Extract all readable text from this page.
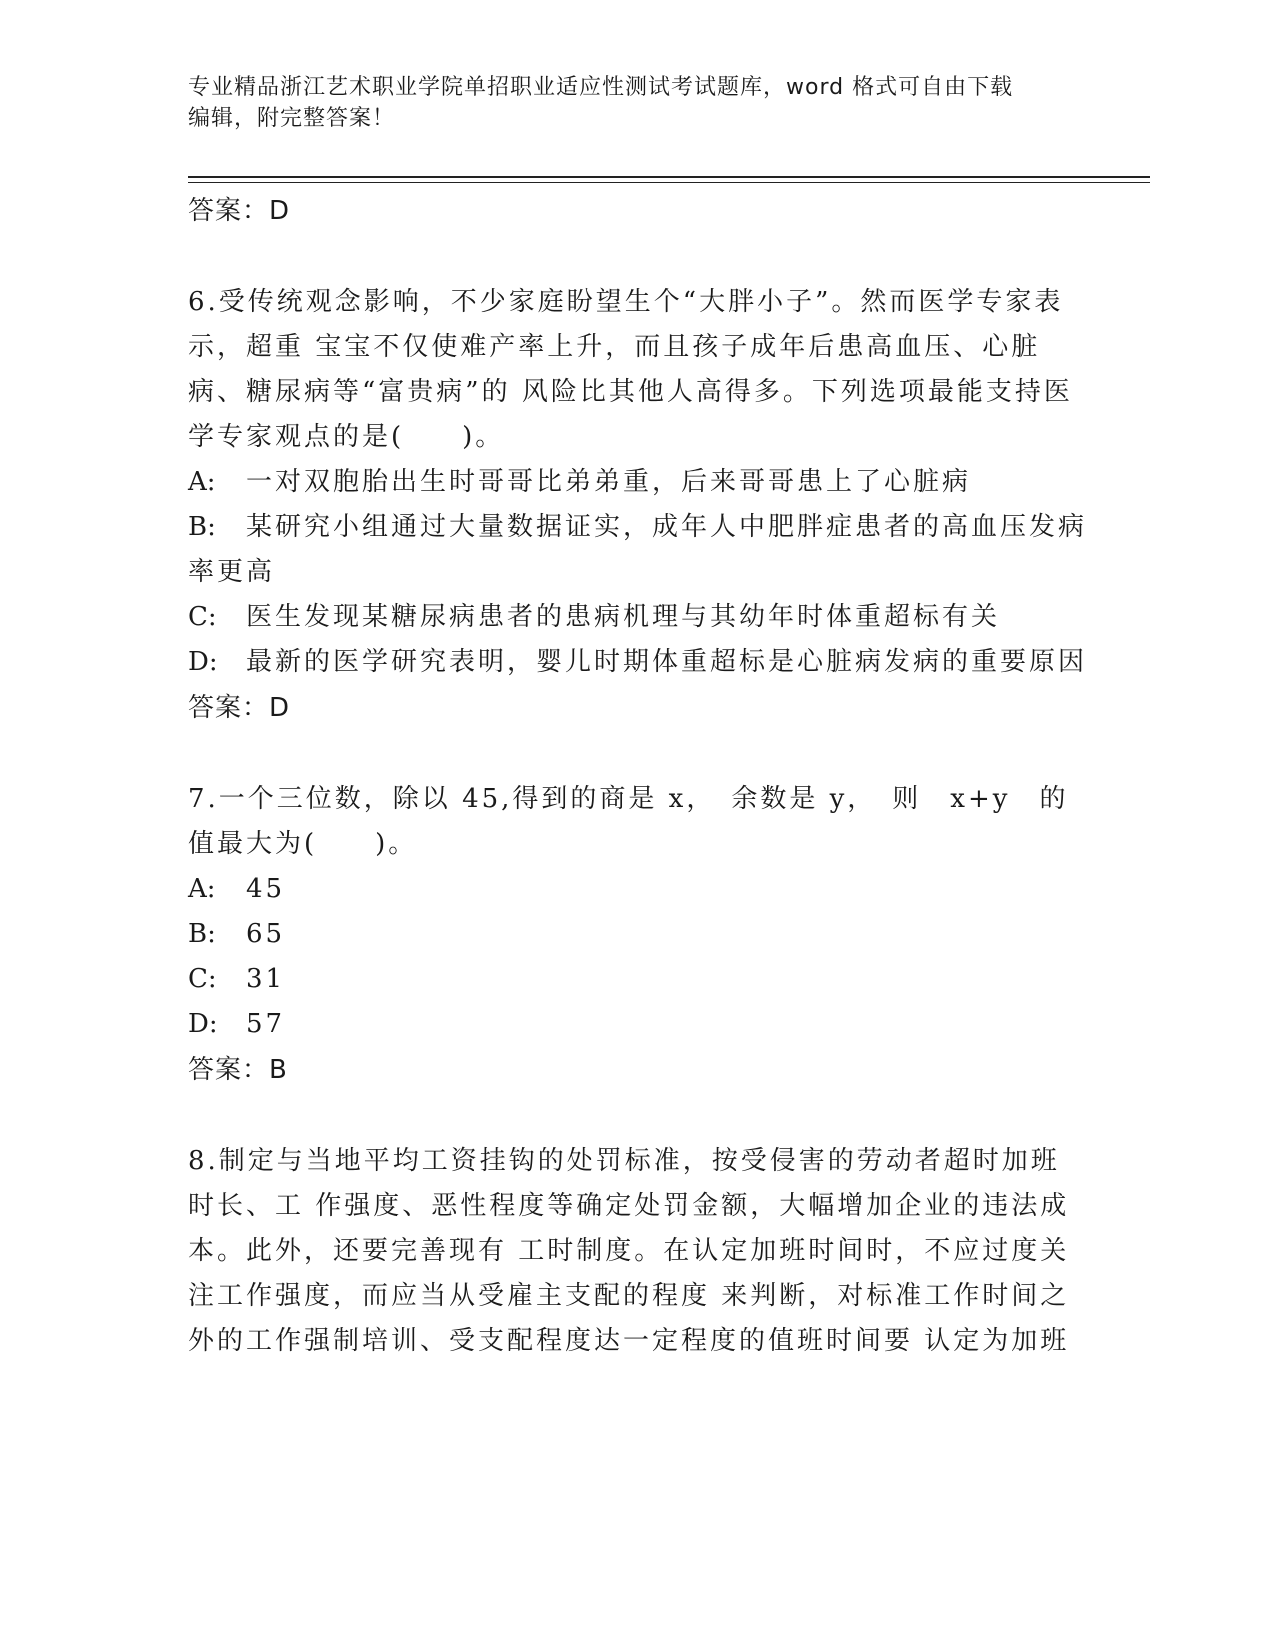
专业精品浙江艺术职业学院单招职业适应性测试考试题库，word 格式可自由下载
编辑，附完整答案！
答案：D
6.受传统观念影响，不少家庭盼望生个“大胖小子”。然而医学专家表示，超重 宝宝不仅使难产率上升，而且孩子成年后患高血压、心脏病、糖尿病等“富贵病”的 风险比其他人高得多。下列选项最能支持医学专家观点的是(　　)。
A: 一对双胞胎出生时哥哥比弟弟重，后来哥哥患上了心脏病
B: 某研究小组通过大量数据证实，成年人中肥胖症患者的高血压发病率更高
C: 医生发现某糖尿病患者的患病机理与其幼年时体重超标有关
D: 最新的医学研究表明，婴儿时期体重超标是心脏病发病的重要原因
答案：D
7.一个三位数，除以 45,得到的商是 x，　余数是 y，　则　x+y　的值最大为(　　)。
A: 45
B: 65
C: 31
D: 57
答案：B
8.制定与当地平均工资挂钩的处罚标准，按受侵害的劳动者超时加班时长、工 作强度、恶性程度等确定处罚金额，大幅增加企业的违法成本。此外，还要完善现有 工时制度。在认定加班时间时，不应过度关注工作强度，而应当从受雇主支配的程度 来判断，对标准工作时间之外的工作强制培训、受支配程度达一定程度的值班时间要 认定为加班
